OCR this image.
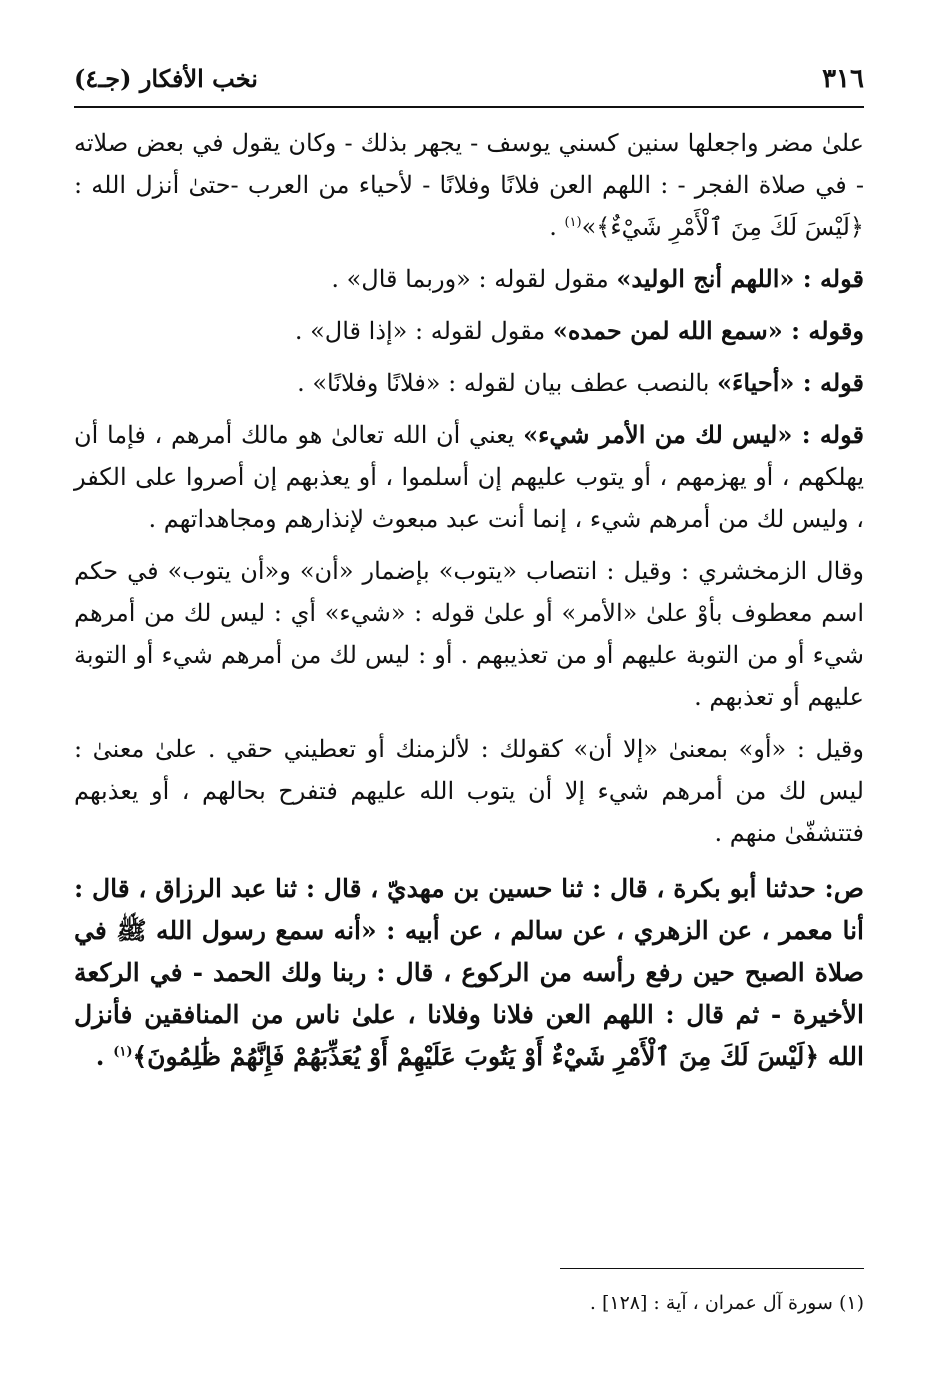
٣١٦
نخب الأفكار (جـ٤)

علىٰ مضر واجعلها سنين كسني يوسف - يجهر بذلك - وكان يقول في بعض صلاته - في صلاة الفجر - : اللهم العن فلانًا وفلانًا - لأحياء من العرب -حتىٰ أنزل الله : ﴿لَيْسَ لَكَ مِنَ ٱلْأَمْرِ شَيْءٌ﴾»$^{(١)}$ .

قوله : «اللهم أنج الوليد» مقول لقوله : «وربما قال» .

وقوله : «سمع الله لمن حمده» مقول لقوله : «إذا قال» .

قوله : «أحياءَ» بالنصب عطف بيان لقوله : «فلانًا وفلانًا» .

قوله : «ليس لك من الأمر شيء» يعني أن الله تعالىٰ هو مالك أمرهم ، فإما أن يهلكهم ، أو يهزمهم ، أو يتوب عليهم إن أسلموا ، أو يعذبهم إن أصروا على الكفر ، وليس لك من أمرهم شيء ، إنما أنت عبد مبعوث لإنذارهم ومجاهداتهم .

وقال الزمخشري : وقيل : انتصاب «يتوب» بإضمار «أن» و«أن يتوب» في حكم اسم معطوف بأوْ علىٰ «الأمر» أو علىٰ قوله : «شيء» أي : ليس لك من أمرهم شيء أو من التوبة عليهم أو من تعذيبهم . أو : ليس لك من أمرهم شيء أو التوبة عليهم أو تعذبهم .

وقيل : «أو» بمعنىٰ «إلا أن» كقولك : لألزمنك أو تعطيني حقي . علىٰ معنىٰ : ليس لك من أمرهم شيء إلا أن يتوب الله عليهم فتفرح بحالهم ، أو يعذبهم فتتشفّىٰ منهم .

ص: حدثنا أبو بكرة ، قال : ثنا حسين بن مهديّ ، قال : ثنا عبد الرزاق ، قال : أنا معمر ، عن الزهري ، عن سالم ، عن أبيه : «أنه سمع رسول الله ﷺ في صلاة الصبح حين رفع رأسه من الركوع ، قال : ربنا ولك الحمد - في الركعة الأخيرة - ثم قال : اللهم العن فلانا وفلانا ، علىٰ ناس من المنافقين فأنزل الله ﴿لَيْسَ لَكَ مِنَ ٱلْأَمْرِ شَيْءٌ أَوْ يَتُوبَ عَلَيْهِمْ أَوْ يُعَذِّبَهُمْ فَإِنَّهُمْ ظَٰلِمُونَ﴾$^{(١)}$ .

(١) سورة آل عمران ، آية : [١٢٨] .
